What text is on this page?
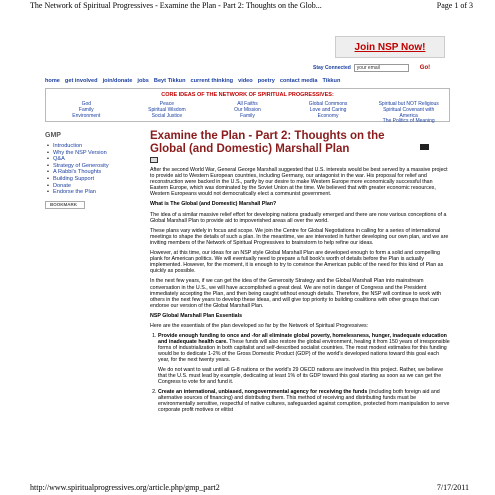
The Network of Spiritual Progressives - Examine the Plan - Part 2: Thoughts on the Glob...	Page 1 of 3
Join NSP Now!
Stay Connected	your email	Go!
home get involved join/donate jobs Beyt Tikkun current thinking video poetry contact media Tikkun
CORE IDEAS OF THE NETWORK OF SPIRITUAL PROGRESSIVES:
God
Family
Environment
Peace
Spiritual Wisdom
Social Justice
All Faiths
Our Mission
Family
Global Commons
Love and Caring
Economy
Spiritual but NOT Religious
Spiritual Covenant with America
The Politics of Meaning
GMP
• Introduction
• Why the NSP Version
• Q&A
• Strategy of Generosity
• A Rabbi's Thoughts
• Building Support
• Donate
• Endorse the Plan
BOOKMARK
Examine the Plan - Part 2: Thoughts on the Global (and Domestic) Marshall Plan

After the second World War, General George Marshall suggested that U.S. interests would be best served by a massive project to provide aid to Western European countries, including Germany, our antagonist in the war. His proposal for relief and reconstruction were backed in the U.S., partly by our desire to make Western Europe more economically successful than Eastern Europe, which was dominated by the Soviet Union at the time. We believed that with greater economic resources, Western Europeans would not democratically elect a communist government.

What is The Global (and Domestic) Marshall Plan?

The idea of a similar massive relief effort for developing nations gradually emerged and there are now various conceptions of a Global Marshall Plan to provide aid to impoverished areas all over the world.

These plans vary widely in focus and scope. We join the Centre for Global Negotiations in calling for a series of international meetings to shape the details of such a plan. In the meantime, we are interested in further developing our own plan, and we are inviting members of the Network of Spiritual Progressives to brainstorm to help refine our ideas.

However, at this time, our ideas for an NSP style Global Marshall Plan are developed enough to form a solid and compelling plank for American politics. We will eventually need to prepare a full book's worth of details before the Plan is actually implemented. However, for the moment, it is enough to try to convince the American public of the need for this kind of Plan as quickly as possible.

In the next few years, if we can get the idea of the Generosity Strategy and the Global Marshall Plan into mainstream conversation in the U.S., we will have accomplished a great deal. We are not in danger of Congress and the President immediately accepting the Plan, and then being caught without enough details. Therefore, the NSP will continue to work with others in the next few years to develop these ideas, and will give top priority to building coalitions with other groups that can endorse our version of the Global Marshall Plan.

NSP Global Marshall Plan Essentials

Here are the essentials of the plan developed so far by the Network of Spiritual Progressives:

1. Provide enough funding to once and -for all eliminate global poverty, homelessness, hunger, inadequate education and inadequate health care. These funds will also restore the global environment, healing it from 150 years of irresponsible forms of industrialization in both capitalist and self-described socialist countries. The most modest estimates for this funding would be to dedicate 1-2% of the Gross Domestic Product (GDP) of the world's developed nations toward this goal each year, for the next twenty years.

We do not want to wait until all G-8 nations or the world's 29 OECD nations are involved in this project. Rather, we believe that the U.S. must lead by example, dedicating at least 1% of its GDP toward this goal starting as soon as we can get the Congress to vote for and fund it.

2. Create an international, unbiased, nongovernmental agency for receiving the funds (including both foreign aid and alternative sources of financing) and distributing them. This method of receiving and distributing funds must be environmentally sensitive, respectful of native cultures, safeguarded against corruption, protected from manipulation to serve corporate profit motives or elitist
http://www.spiritualprogressives.org/article.php/gmp_part2	7/17/2011
